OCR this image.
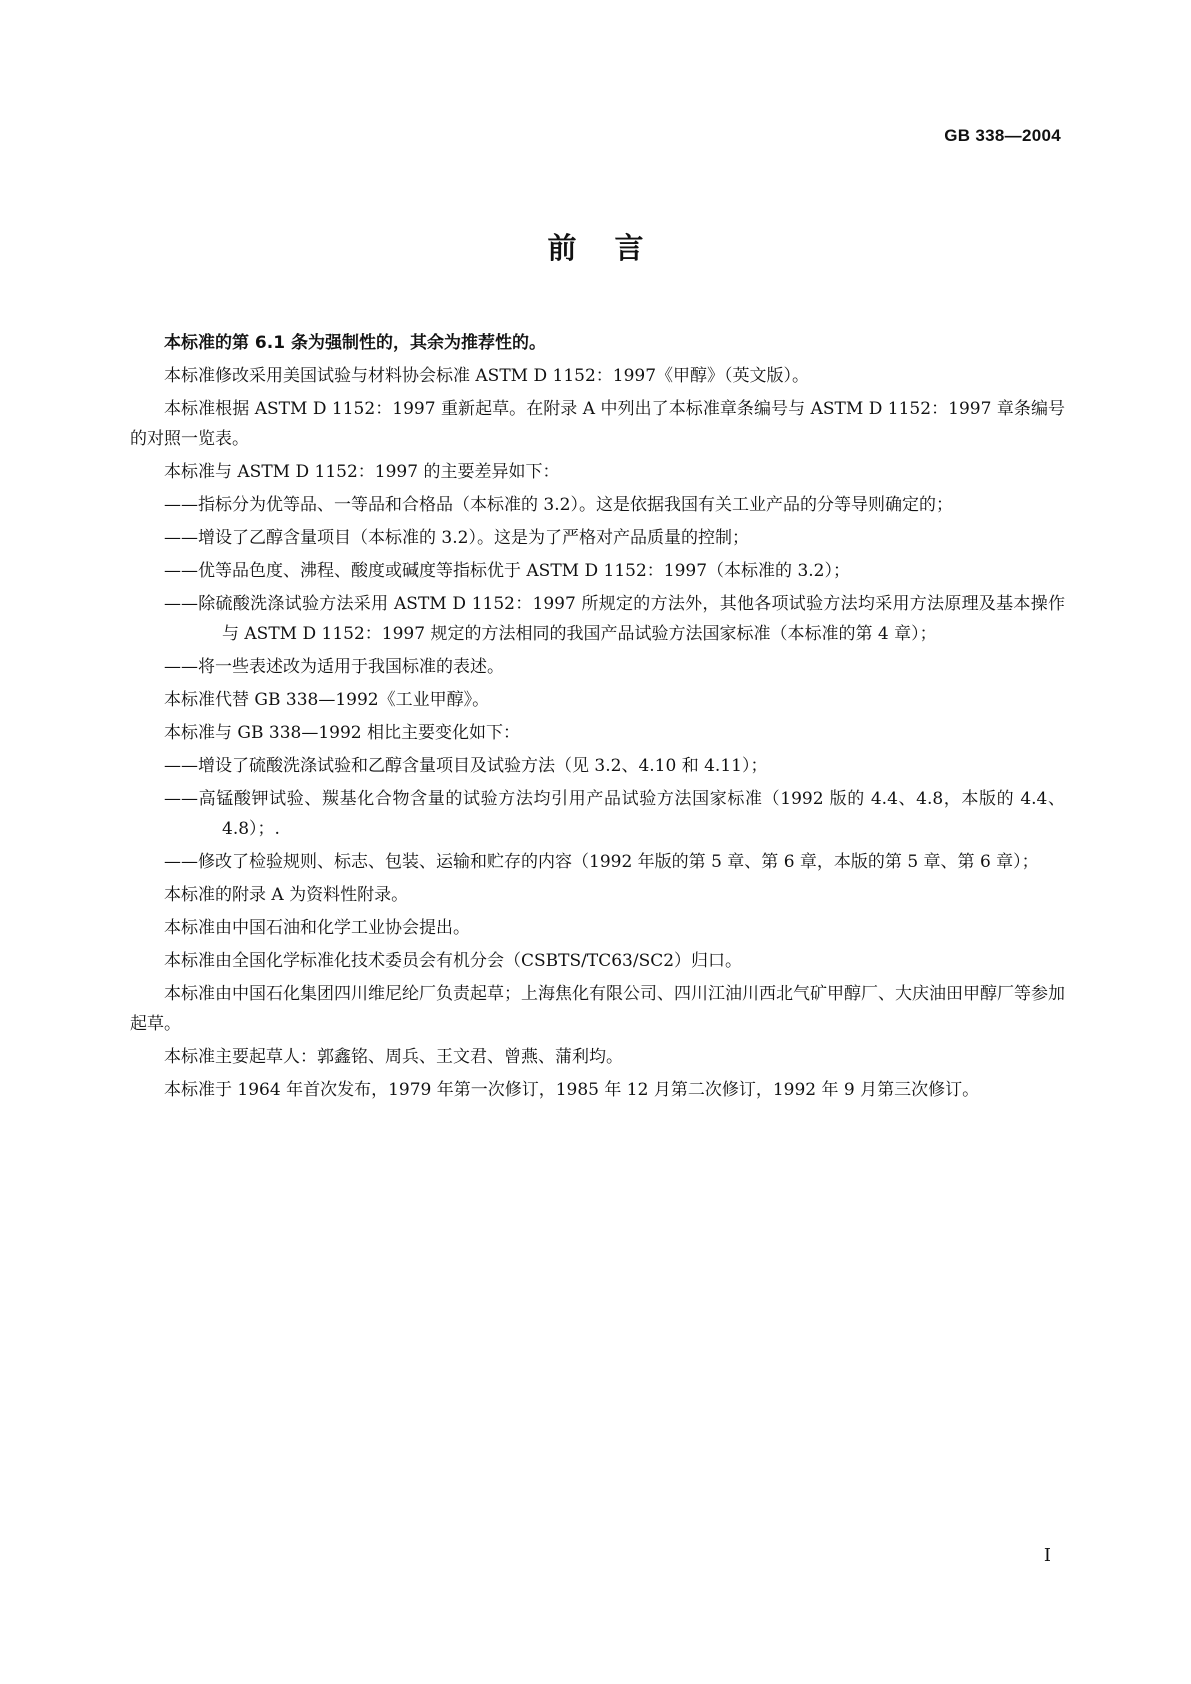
GB 338—2004
前言

本标准的第 6.1 条为强制性的，其余为推荐性的。

本标准修改采用美国试验与材料协会标准 ASTM D 1152：1997《甲醇》（英文版）。

本标准根据 ASTM D 1152：1997 重新起草。在附录 A 中列出了本标准章条编号与 ASTM D 1152：1997 章条编号的对照一览表。

本标准与 ASTM D 1152：1997 的主要差异如下：

——指标分为优等品、一等品和合格品（本标准的 3.2）。这是依据我国有关工业产品的分等导则确定的；

——增设了乙醇含量项目（本标准的 3.2）。这是为了严格对产品质量的控制；

——优等品色度、沸程、酸度或碱度等指标优于 ASTM D 1152：1997（本标准的 3.2）；

——除硫酸洗涤试验方法采用 ASTM D 1152：1997 所规定的方法外，其他各项试验方法均采用方法原理及基本操作与 ASTM D 1152：1997 规定的方法相同的我国产品试验方法国家标准（本标准的第 4 章）；

——将一些表述改为适用于我国标准的表述。

本标准代替 GB 338—1992《工业甲醇》。

本标准与 GB 338—1992 相比主要变化如下：

——增设了硫酸洗涤试验和乙醇含量项目及试验方法（见 3.2、4.10 和 4.11）；

——高锰酸钾试验、羰基化合物含量的试验方法均引用产品试验方法国家标准（1992 版的 4.4、4.8，本版的 4.4、4.8）；.

——修改了检验规则、标志、包装、运输和贮存的内容（1992 年版的第 5 章、第 6 章，本版的第 5 章、第 6 章）；

本标准的附录 A 为资料性附录。

本标准由中国石油和化学工业协会提出。

本标准由全国化学标准化技术委员会有机分会（CSBTS/TC63/SC2）归口。

本标准由中国石化集团四川维尼纶厂负责起草；上海焦化有限公司、四川江油川西北气矿甲醇厂、大庆油田甲醇厂等参加起草。

本标准主要起草人：郭鑫铭、周兵、王文君、曾燕、蒲利均。

本标准于 1964 年首次发布，1979 年第一次修订，1985 年 12 月第二次修订，1992 年 9 月第三次修订。

I
